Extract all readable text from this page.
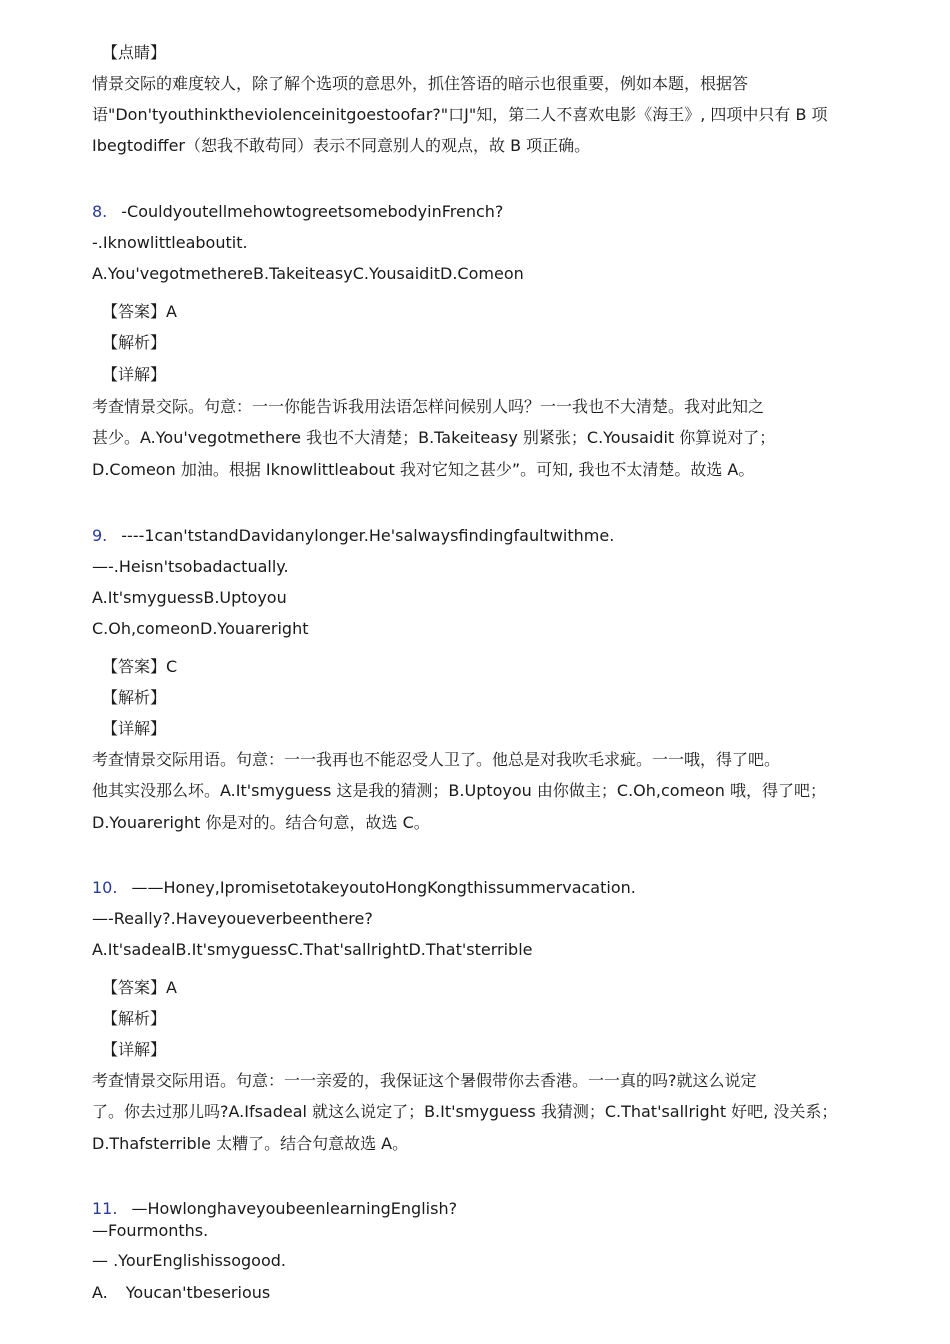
【点睛】
情景交际的难度较人，除了解个选项的意思外，抓住答语的暗示也很重要，例如本题，根据答
语"Don'tyouthinktheviolenceinitgoestoofar?"口J"知，第二人不喜欢电影《海王》, 四项中只有 B 项
Ibegtodiffer（恕我不敢苟同）表示不同意别人的观点，故 B 项正确。
8. -CouldyoutellmehowtogreetsomebodyinFrench?
-.Iknowlittleaboutit.
A.You'vegotmethereB.TakeiteasyC.YousaiditD.Comeon
【答案】A
【解析】
【详解】
考查情景交际。句意：一一你能告诉我用法语怎样问候别人吗？一一我也不大清楚。我对此知之
甚少。A.You'vegotmethere 我也不大清楚；B.Takeiteasy 别紧张；C.Yousaidit 你算说对了；
D.Comeon 加油。根据 Iknowlittleabout 我对它知之甚少”。可知, 我也不太清楚。故选 A。
9. ----1can'tstandDavidanylonger.He'salwaysfindingfaultwithme.
—-.Heisn'tsobadactually.
A.It'smyguessB.Uptoyou
C.Oh,comeonD.Youareright
【答案】C
【解析】
【详解】
考查情景交际用语。句意：一一我再也不能忍受人卫了。他总是对我吹毛求疵。一一哦，得了吧。
他其实没那么坏。A.It'smyguess 这是我的猜测；B.Uptoyou 由你做主；C.Oh,comeon 哦，得了吧；
D.Youareright 你是对的。结合句意，故选 C。
10. ——Honey,IpromisetotakeyoutoHongKongthissummervacation.
—-Really?.Haveyoueverbeenthere?
A.It'sadealB.It'smyguessC.That'sallrightD.That'sterrible
【答案】A
【解析】
【详解】
考查情景交际用语。句意：一一亲爱的，我保证这个暑假带你去香港。一一真的吗?就这么说定
了。你去过那儿吗?A.Ifsadeal 就这么说定了；B.It'smyguess 我猜测；C.That'sallright 好吧, 没关系；
D.Thafsterrible 太糟了。结合句意故选 A。
11. —HowlonghaveyoubeenlearningEnglish?
—Fourmonths.
— .YourEnglishissogood.
A. Youcan'tbeserious
